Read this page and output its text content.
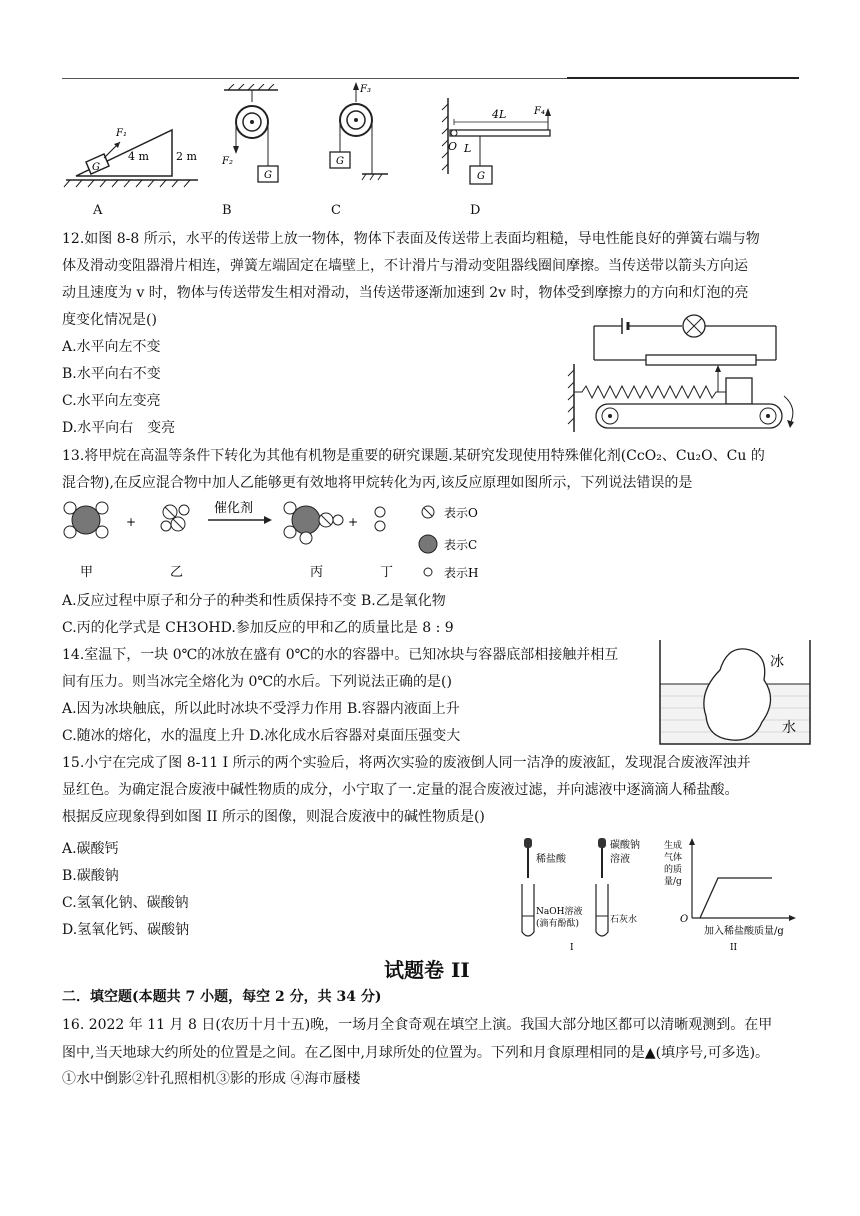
G
F₁
4 m 2 m	F₂
G
F₃
G
4L	F₄
O L
G
A	B	C	D
12.如图 8-8 所示，水平的传送带上放一物体，物体下表面及传送带上表面均粗糙，导电性能良好的弹簧右端与物
体及滑动变阻器滑片相连，弹簧左端固定在墙壁上，不计滑片与滑动变阻器线圈间摩擦。当传送带以箭头方向运
动且速度为 v 时，物体与传送带发生相对滑动，当传送带逐渐加速到 2v 时，物体受到摩擦力的方向和灯泡的亮
度变化情况是()
A.水平向左不变
B.水平向右不变
C.水平向左变亮
D.水平向右　变亮
13.将甲烷在高温等条件下转化为其他有机物是重要的研究课题.某研究发现使用特殊催化剂(CcO₂、Cu₂O、Cu 的
混合物),在反应混合物中加人乙能够更有效地将甲烷转化为丙,该反应原理如图所示，下列说法错误的是
+
催化剂
+
表示O
表示C
表示H
甲	乙	丙	丁
A.反应过程中原子和分子的种类和性质保持不变 B.乙是氧化物
C.丙的化学式是 CH3OHD.参加反应的甲和乙的质量比是 8 : 9
14.室温下，一块 0℃的冰放在盛有 0℃的水的容器中。已知冰块与容器底部相接触并相互
间有压力。则当冰完全熔化为 0℃的水后。下列说法正确的是()
A.因为冰块触底，所以此时冰块不受浮力作用 B.容器内液面上升
C.随冰的熔化，水的温度上升 D.冰化成水后容器对桌面压强变大
冰
水
15.小宁在完成了图 8-11 I 所示的两个实验后，将两次实验的废液倒人同一洁净的废液缸，发现混合废液浑浊并
显红色。为确定混合废液中碱性物质的成分，小宁取了一.定量的混合废液过滤，并向滤液中逐滴滴人稀盐酸。
根据反应现象得到如图 II 所示的图像，则混合废液中的碱性物质是()
A.碳酸钙
B.碳酸钠
C.氢氧化钠、碳酸钠
D.氢氧化钙、碳酸钠
稀盐酸
NaOH溶液
(滴有酚酞)
I
碳酸钠
溶液
石灰水
生成
气体
的质
量/g
O
加入稀盐酸质量/g
II
试题卷 II
二．填空题(本题共 7 小题，每空 2 分，共 34 分)
16. 2022 年 11 月 8 日(农历十月十五)晚，一场月全食奇观在填空上演。我国大部分地区都可以清晰观测到。在甲
图中,当天地球大约所处的位置是之间。在乙图中,月球所处的位置为。下列和月食原理相同的是▲(填序号,可多选)。
①水中倒影②针孔照相机③影的形成 ④海市蜃楼
